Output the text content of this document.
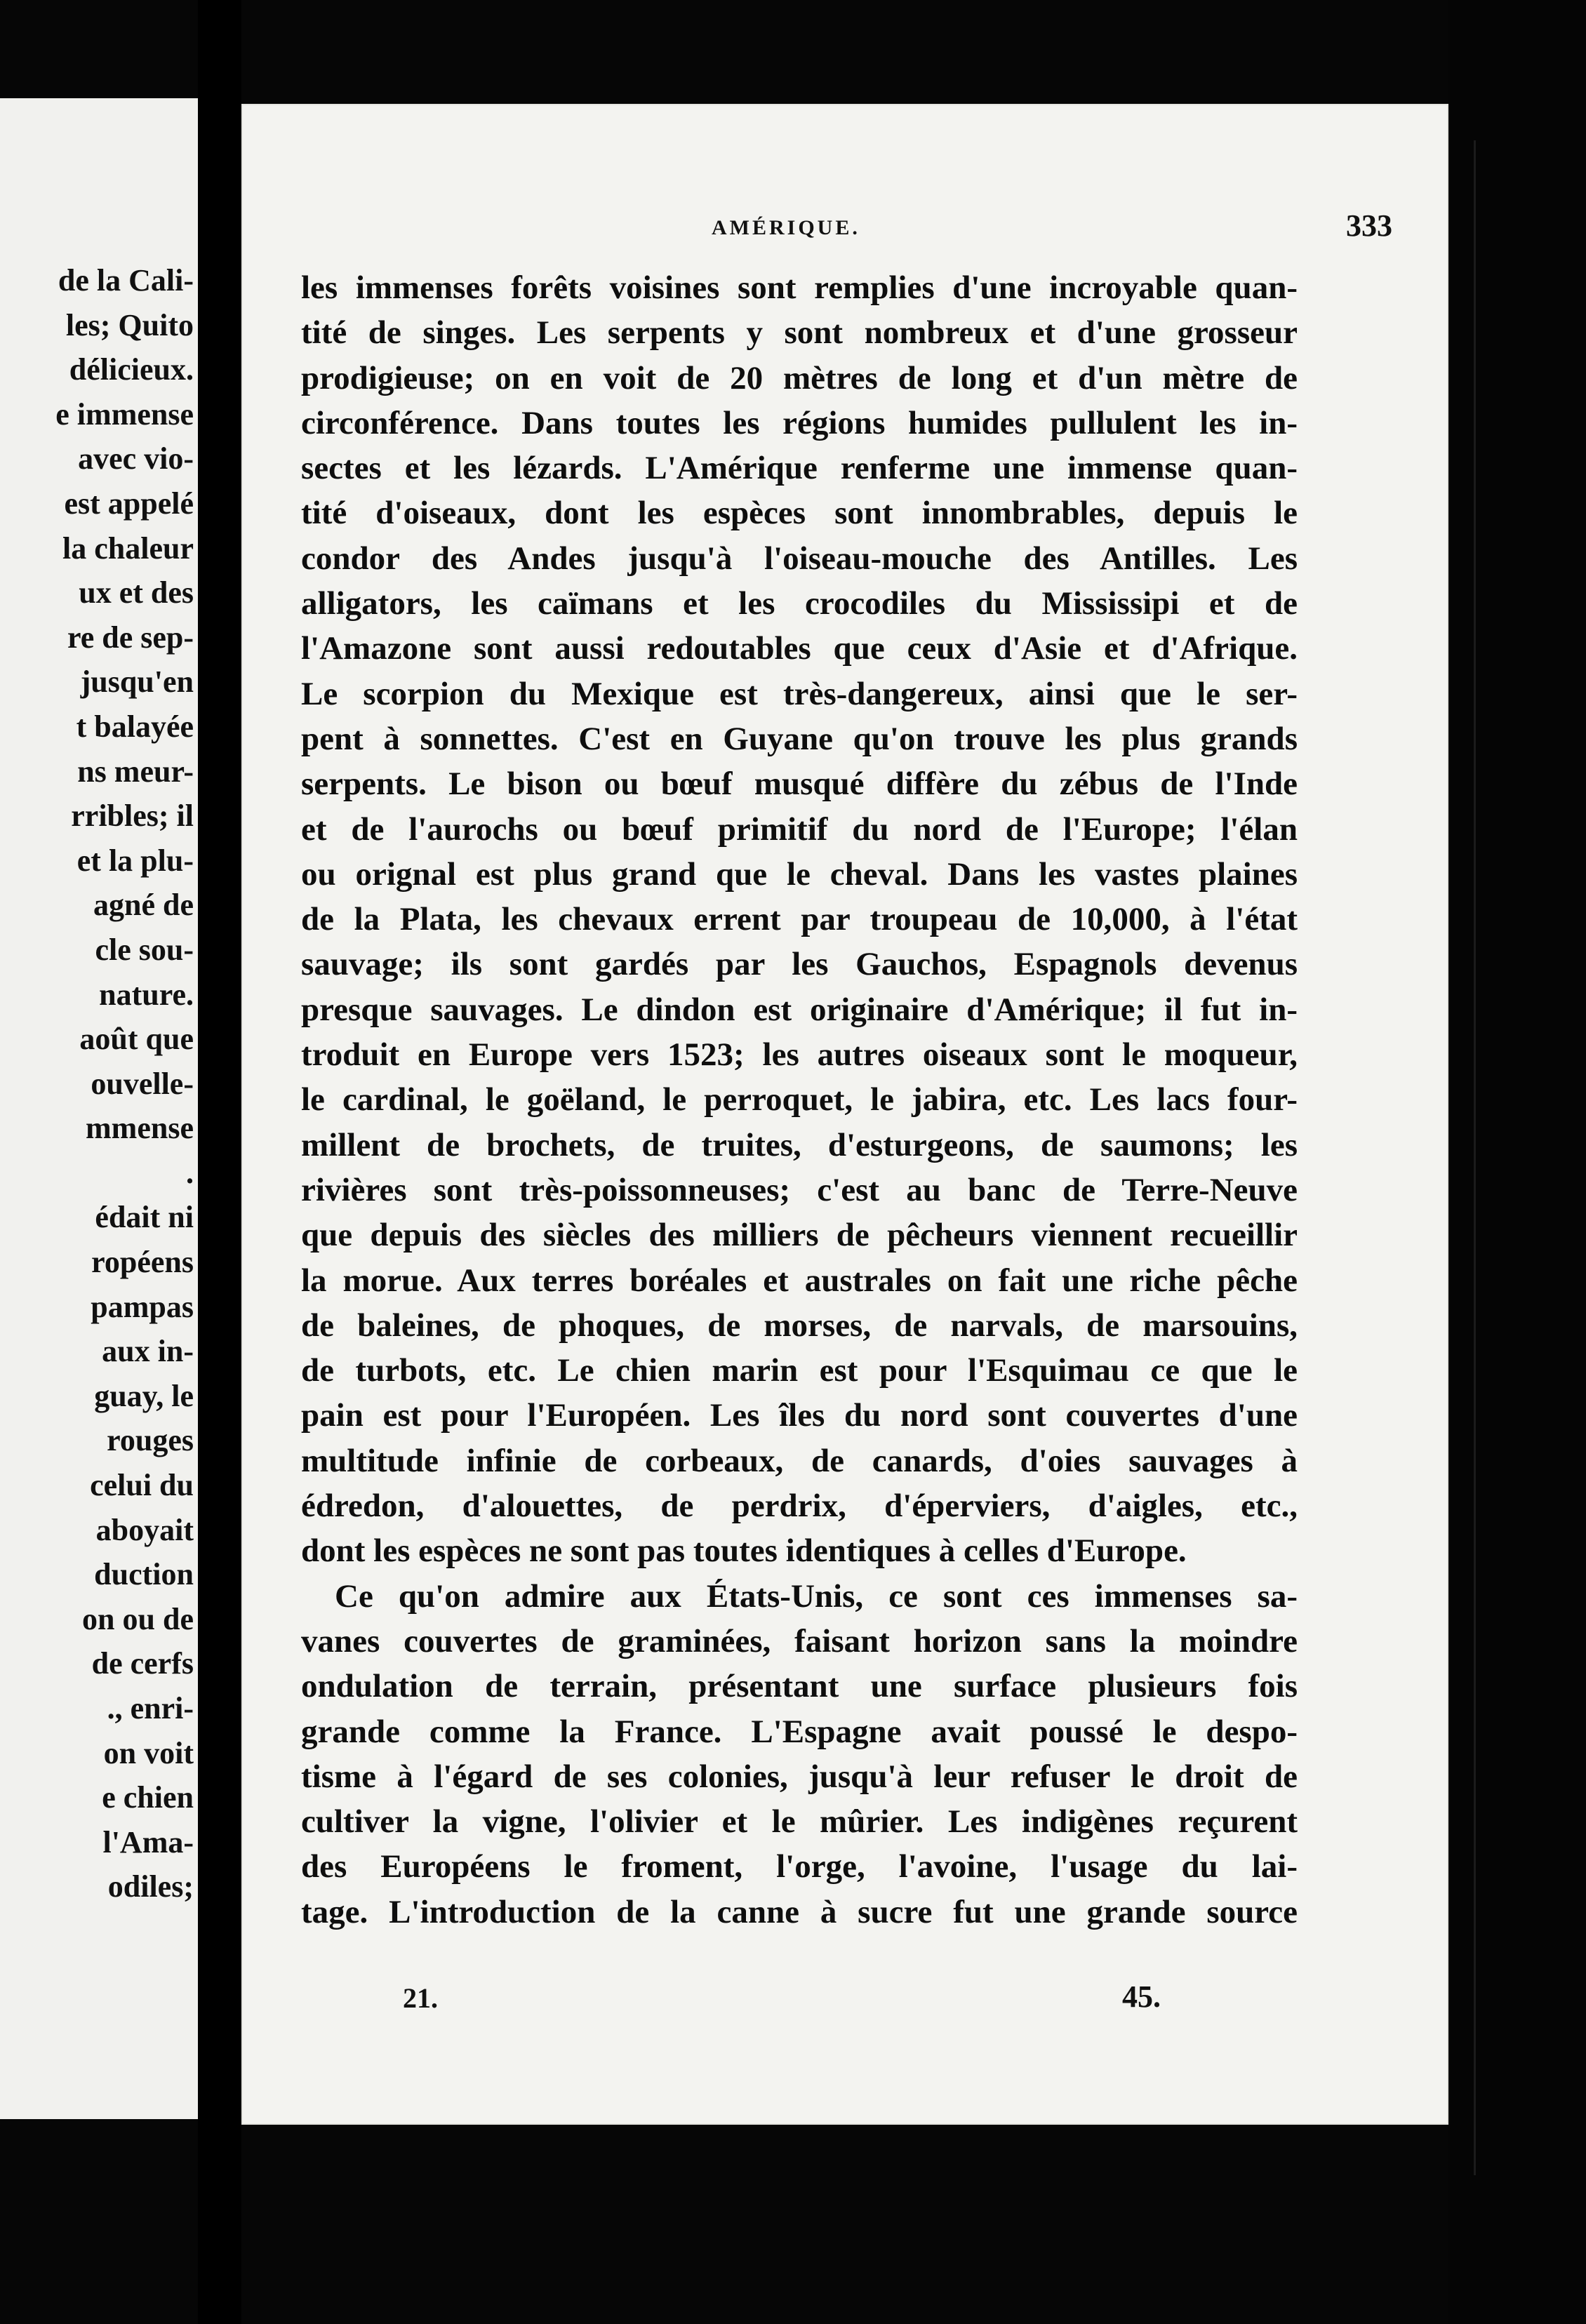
de la Cali-
les; Quito
délicieux.
e immense
avec vio-
est appelé
la chaleur
ux et des
re de sep-
jusqu'en
t balayée
ns meur-
rribles; il
et la plu-
agné de
cle sou-
nature.
août que
ouvelle-
mmense
.
édait ni
ropéens
pampas
aux in-
guay, le
rouges
celui du
aboyait
duction
on ou de
de cerfs
., enri-
on voit
e chien
l'Ama-
odiles;
AMÉRIQUE.	333
les immenses forêts voisines sont remplies d'une incroyable quan-
tité de singes. Les serpents y sont nombreux et d'une grosseur
prodigieuse; on en voit de 20 mètres de long et d'un mètre de
circonférence. Dans toutes les régions humides pullulent les in-
sectes et les lézards. L'Amérique renferme une immense quan-
tité d'oiseaux, dont les espèces sont innombrables, depuis le
condor des Andes jusqu'à l'oiseau-mouche des Antilles. Les
alligators, les caïmans et les crocodiles du Mississipi et de
l'Amazone sont aussi redoutables que ceux d'Asie et d'Afrique.
Le scorpion du Mexique est très-dangereux, ainsi que le ser-
pent à sonnettes. C'est en Guyane qu'on trouve les plus grands
serpents. Le bison ou bœuf musqué diffère du zébus de l'Inde
et de l'aurochs ou bœuf primitif du nord de l'Europe; l'élan
ou orignal est plus grand que le cheval. Dans les vastes plaines
de la Plata, les chevaux errent par troupeau de 10,000, à l'état
sauvage; ils sont gardés par les Gauchos, Espagnols devenus
presque sauvages. Le dindon est originaire d'Amérique; il fut in-
troduit en Europe vers 1523; les autres oiseaux sont le moqueur,
le cardinal, le goëland, le perroquet, le jabira, etc. Les lacs four-
millent de brochets, de truites, d'esturgeons, de saumons; les
rivières sont très-poissonneuses; c'est au banc de Terre-Neuve
que depuis des siècles des milliers de pêcheurs viennent recueillir
la morue. Aux terres boréales et australes on fait une riche pêche
de baleines, de phoques, de morses, de narvals, de marsouins,
de turbots, etc. Le chien marin est pour l'Esquimau ce que le
pain est pour l'Européen. Les îles du nord sont couvertes d'une
multitude infinie de corbeaux, de canards, d'oies sauvages à
édredon, d'alouettes, de perdrix, d'éperviers, d'aigles, etc.,
dont les espèces ne sont pas toutes identiques à celles d'Europe.
Ce qu'on admire aux États-Unis, ce sont ces immenses sa-
vanes couvertes de graminées, faisant horizon sans la moindre
ondulation de terrain, présentant une surface plusieurs fois
grande comme la France. L'Espagne avait poussé le despo-
tisme à l'égard de ses colonies, jusqu'à leur refuser le droit de
cultiver la vigne, l'olivier et le mûrier. Les indigènes reçurent
des Européens le froment, l'orge, l'avoine, l'usage du lai-
tage. L'introduction de la canne à sucre fut une grande source
21.	45.
